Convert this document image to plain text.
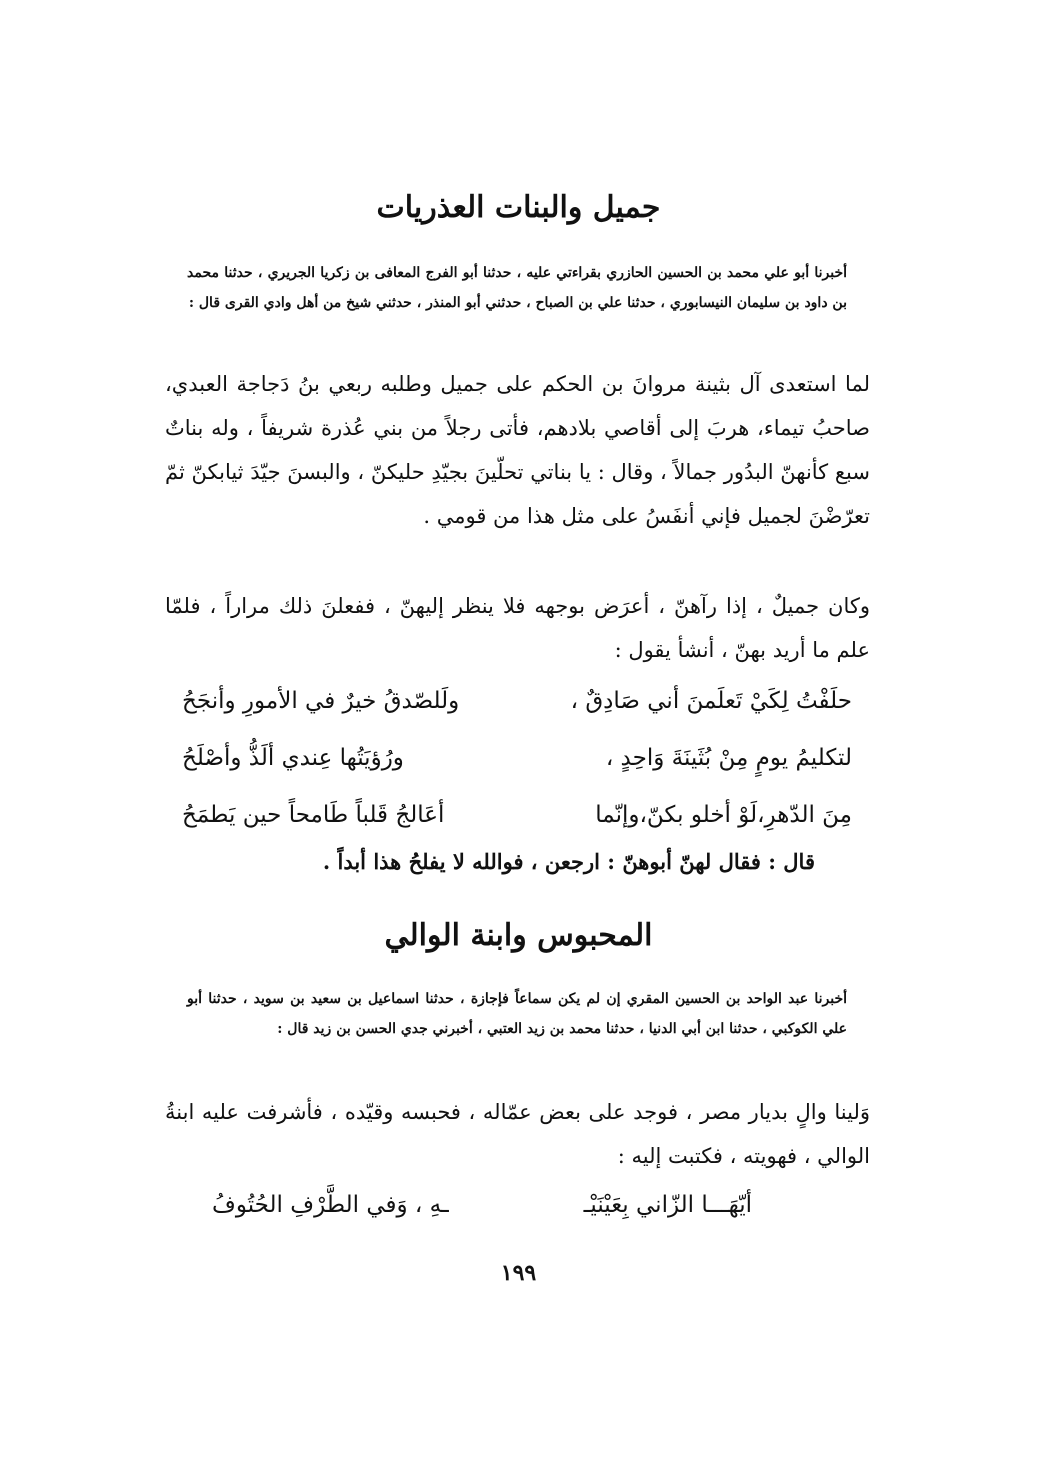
جميل والبنات العذريات

أخبرنا أبو علي محمد بن الحسين الحازري بقراءتي عليه ، حدثنا أبو الفرج المعافى بن زكريا الجريري ، حدثنا محمد بن داود بن سليمان النيسابوري ، حدثنا علي بن الصباح ، حدثني أبو المنذر ، حدثني شيخ من أهل وادي القرى قال :

لما استعدى آل بثينة مروانَ بن الحكم على جميل وطلبه ربعي بنُ دَجاجة العبدي، صاحبُ تيماء، هربَ إلى أقاصي بلادهم، فأتى رجلاً من بني عُذرة شريفاً ، وله بناتٌ سبع كأنهنّ البدُور جمالاً ، وقال : يا بناتي تحلّينَ بجيّدِ حليكنّ ، والبسنَ جيّدَ ثيابكنّ ثمّ تعرّضْنَ لجميل فإني أنفَسُ على مثل هذا من قومي .

وكان جميلٌ ، إذا رآهنّ ، أعرَض بوجهه فلا ينظر إليهنّ ، ففعلنَ ذلك مراراً ، فلمّا علم ما أريد بهنّ ، أنشأ يقول :

حلَفْتُ لِكَيْ تَعلَمنَ أني صَادِقٌ ،
ولَلصّدقُ خيرٌ في الأمورِ وأنجَحُ
لتكليمُ يومٍ مِنْ بُثَينَةَ وَاحِدٍ ،
ورُؤيَتُها عِندي ألَذُّ وأصْلَحُ
مِنَ الدّهرِ،لَوْ أخلو بكنّ،وإنّما
أعَالجُ قَلباً طَامحاً حين يَطمَحُ

قال : فقال لهنّ أبوهنّ : ارجعن ، فوالله لا يفلحُ هذا أبداً .

المحبوس وابنة الوالي

أخبرنا عبد الواحد بن الحسين المقري إن لم يكن سماعاً فإجازة ، حدثنا اسماعيل بن سعيد بن سويد ، حدثنا أبو علي الكوكبي ، حدثنا ابن أبي الدنيا ، حدثنا محمد بن زيد العتبي ، أخبرني جدي الحسن بن زيد قال :

وَلينا والٍ بديار مصر ، فوجد على بعض عمّاله ، فحبسه وقيّده ، فأشرفت عليه ابنةُ الوالي ، فهويته ، فكتبت إليه :

أيّهَـــا الزّاني بِعَيْنَيْـ
ـهِ ، وَفي الطَّرْفِ الحُتُوفُ
١٩٩
